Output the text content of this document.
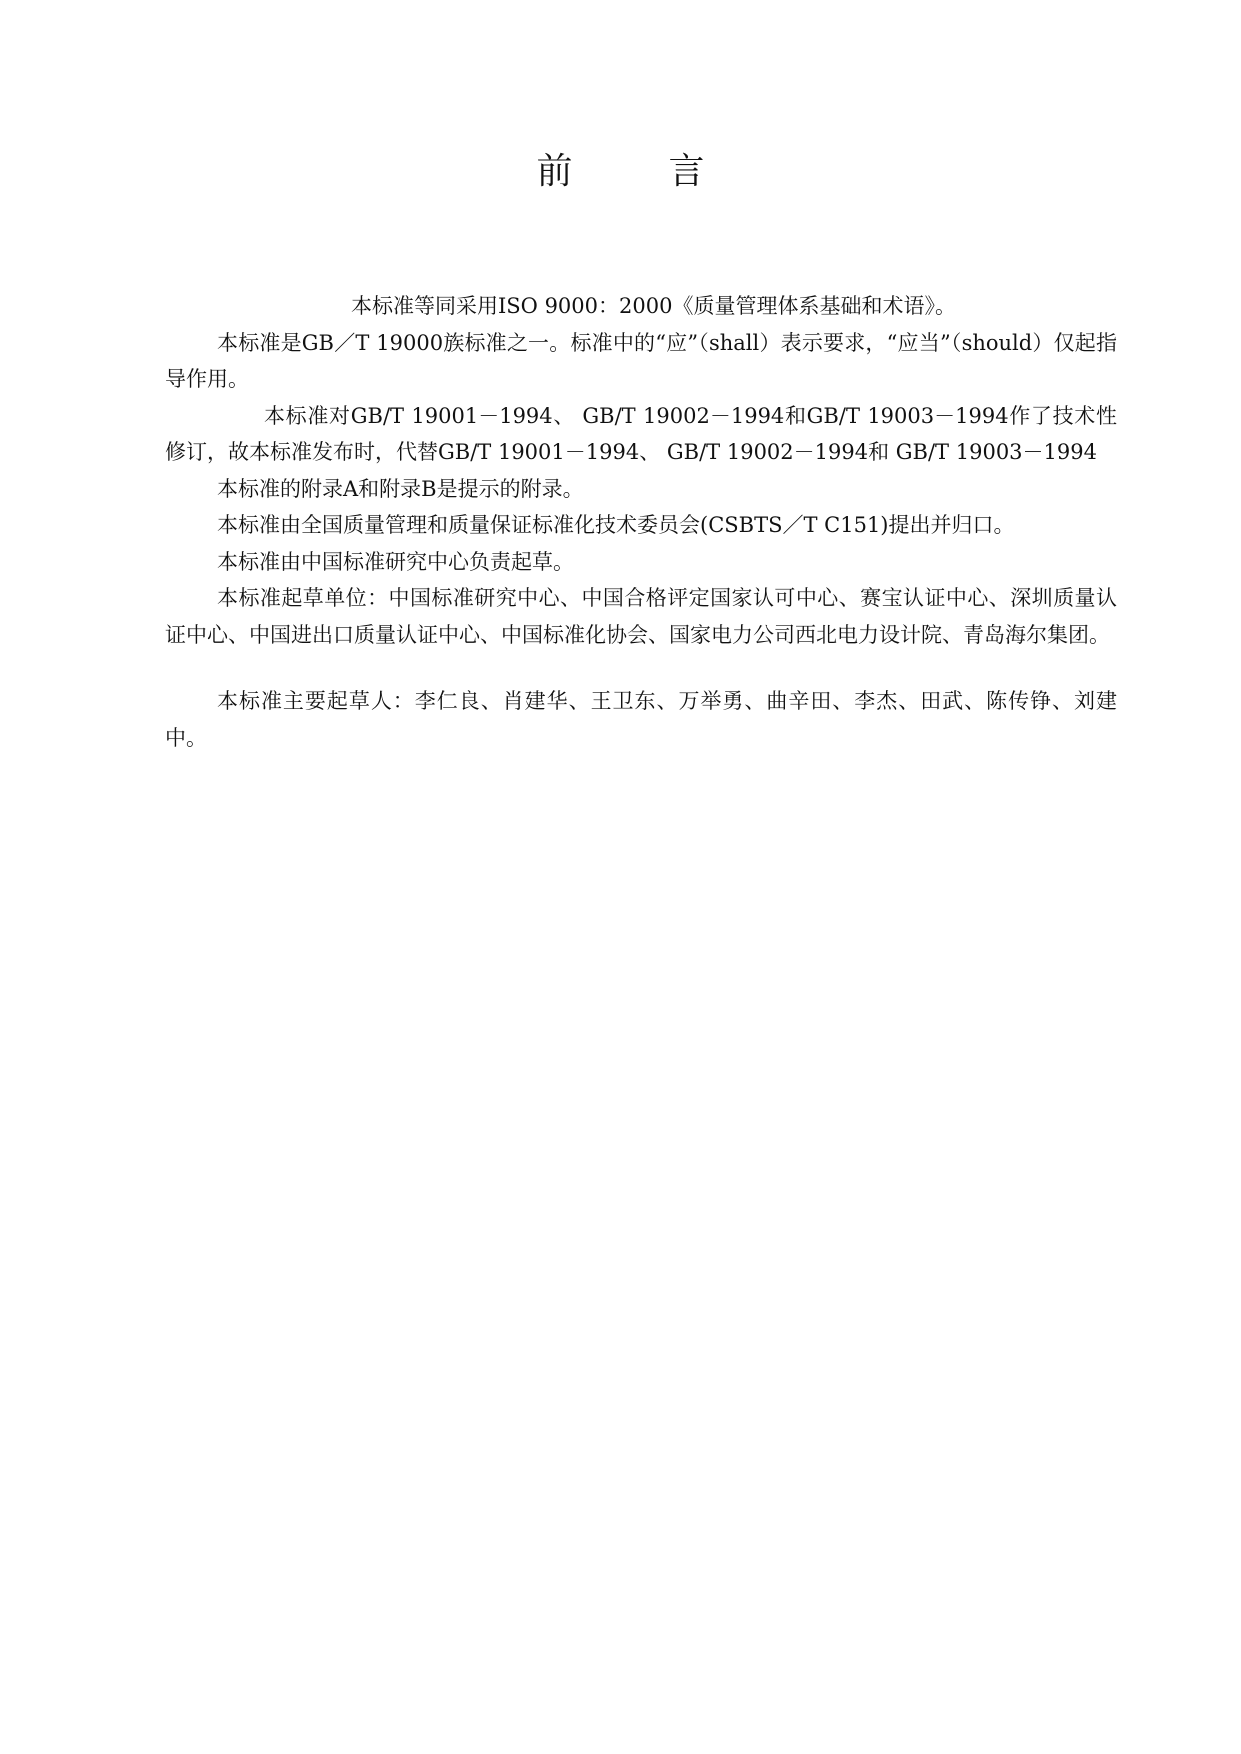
前　言

本标准等同采用ISO 9000：2000《质量管理体系基础和术语》。

本标准是GB／T 19000族标准之一。标准中的“应”（shall）表示要求，“应当”（should）仅起指导作用。

本标准对GB/T 19001－1994、 GB/T 19002－1994和GB/T 19003－1994作了技术性修订，故本标准发布时，代替GB/T 19001－1994、 GB/T 19002－1994和 GB/T 19003－1994

本标准的附录A和附录B是提示的附录。

本标准由全国质量管理和质量保证标准化技术委员会(CSBTS／T C151)提出并归口。

本标准由中国标准研究中心负责起草。

本标准起草单位：中国标准研究中心、中国合格评定国家认可中心、赛宝认证中心、深圳质量认证中心、中国进出口质量认证中心、中国标准化协会、国家电力公司西北电力设计院、青岛海尔集团。

本标准主要起草人：李仁良、肖建华、王卫东、万举勇、曲辛田、李杰、田武、陈传铮、刘建中。
